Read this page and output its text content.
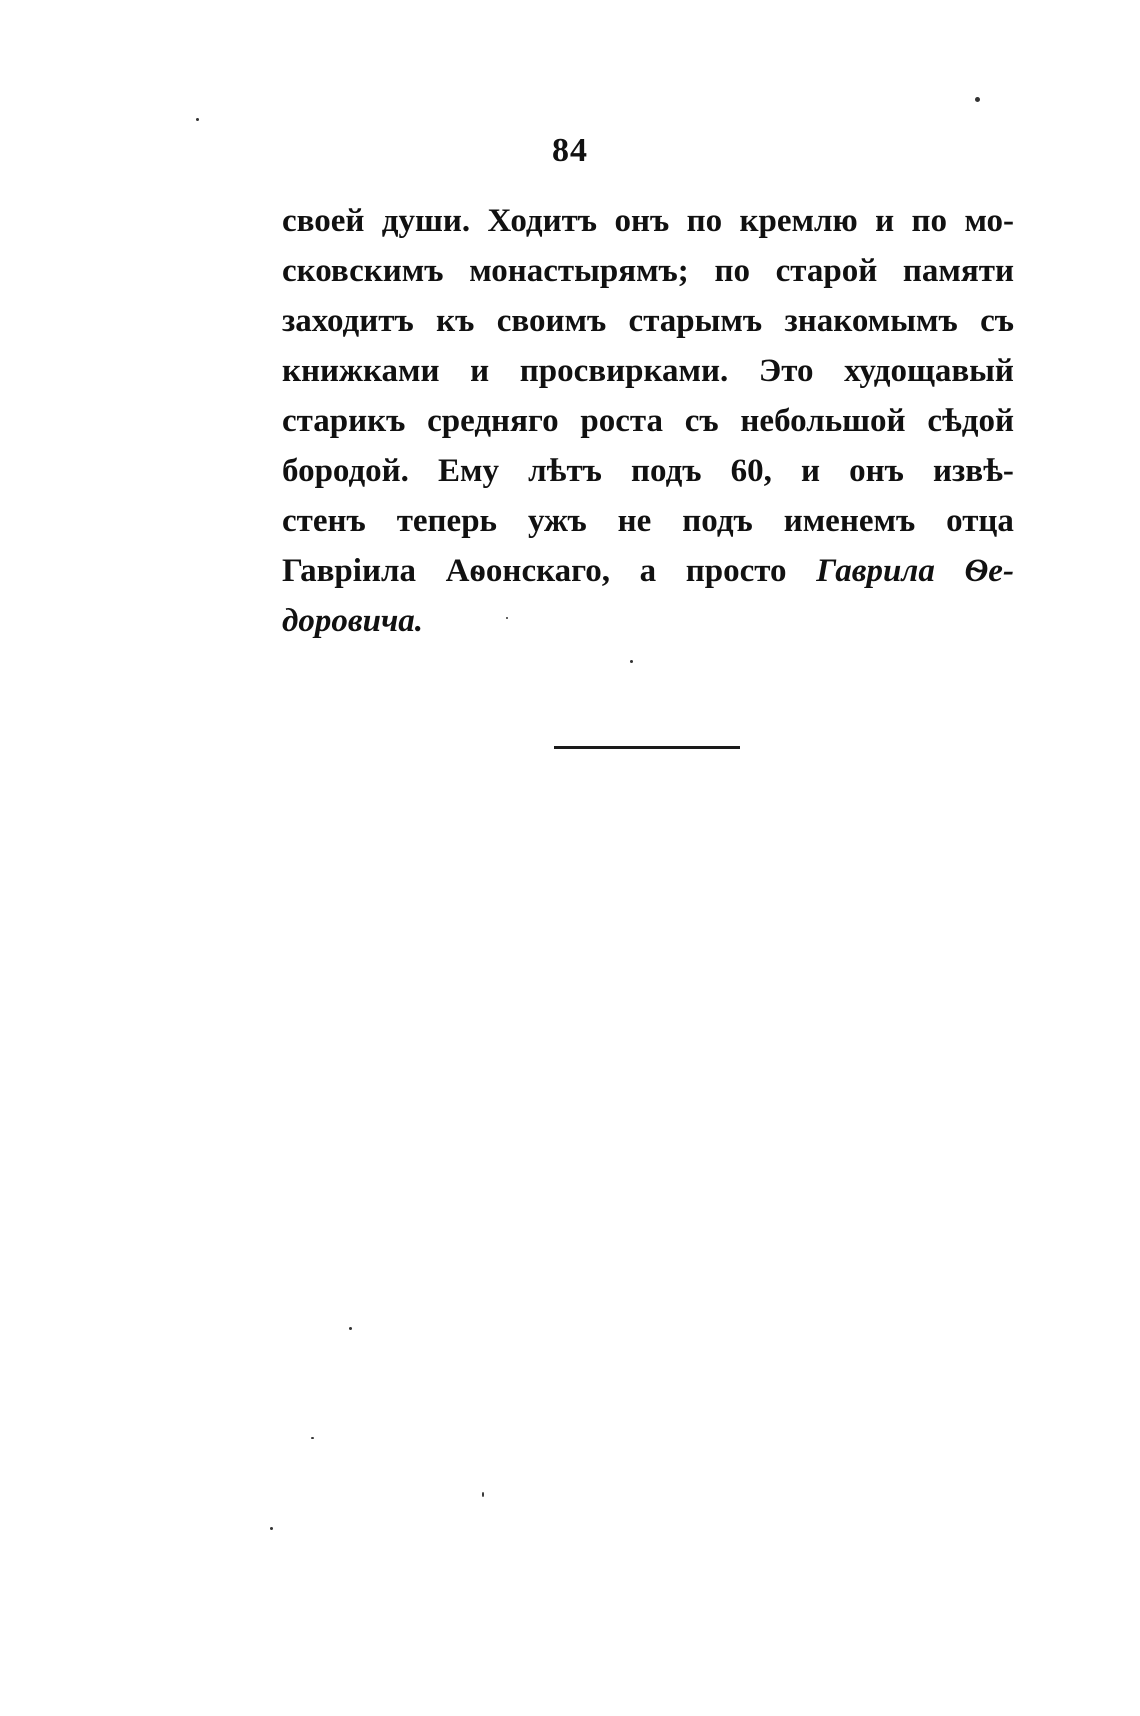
84
своей души. Ходитъ онъ по кремлю и по мо-
сковскимъ монастырямъ; по старой памяти
заходитъ къ своимъ старымъ знакомымъ съ
книжками и просвирками. Это худощавый
старикъ средняго роста съ небольшой сѣдой
бородой. Ему лѣтъ подъ 60, и онъ извѣ-
стенъ теперь ужъ не подъ именемъ отца
Гаврiила Аѳонскаго, а просто Гаврила Ѳе-
доровича.
